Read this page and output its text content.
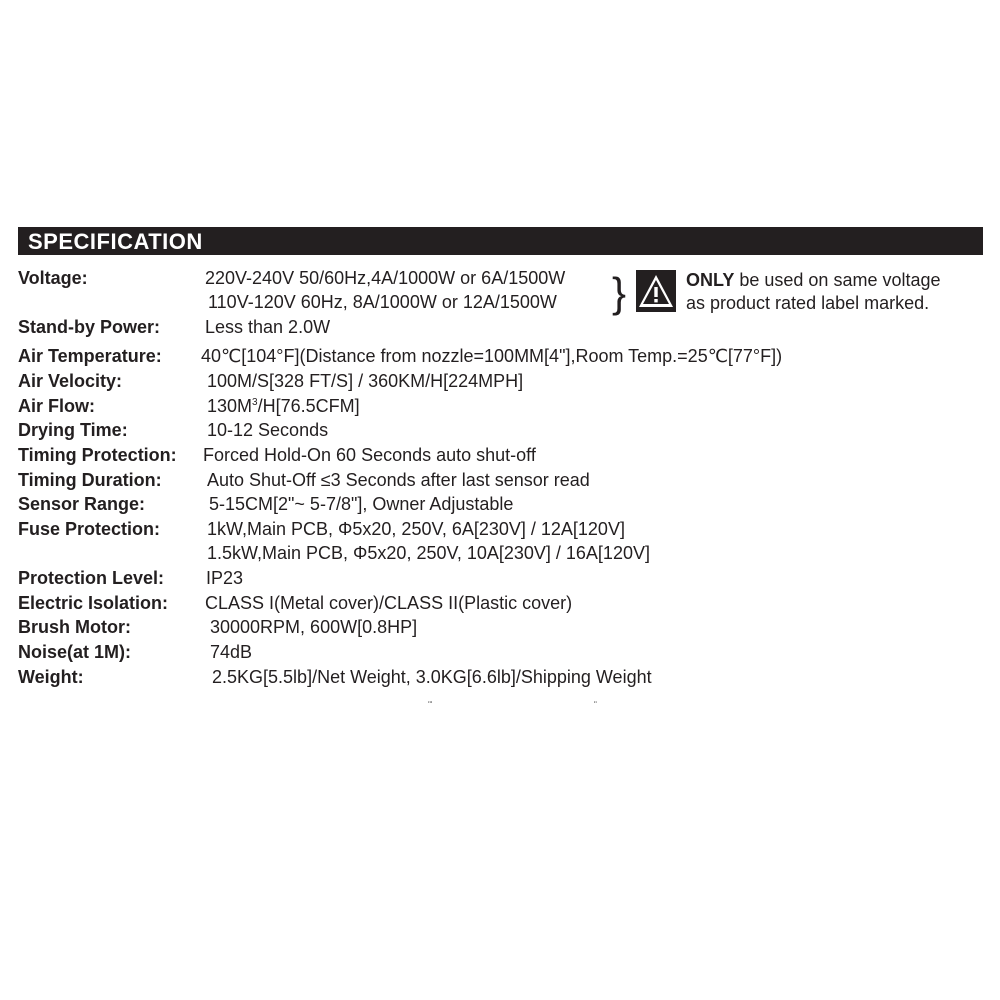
SPECIFICATION
Voltage:	220V-240V 50/60Hz,4A/1000W or 6A/1500W
110V-120V 60Hz, 8A/1000W or 12A/1500W }	ONLY be used on same voltage
as product rated label marked.
Stand-by Power: Less than 2.0W
Air Temperature: 40℃[104°F](Distance from nozzle=100MM[4"],Room Temp.=25℃[77°F])
Air Velocity:	100M/S[328 FT/S] / 360KM/H[224MPH]
Air Flow:	$130M^3/H[76.5CFM]$
Drying Time:	10-12 Seconds
Timing Protection: Forced Hold-On 60 Seconds auto shut-off
Timing Duration:	Auto Shut-Off ≤3 Seconds after last sensor read
Sensor Range:	5-15CM[2"~ 5-7/8"], Owner Adjustable
Fuse Protection:	1kW,Main PCB, Φ5x20, 250V, 6A[230V] / 12A[120V]
1.5kW,Main PCB, Φ5x20, 250V, 10A[230V] / 16A[120V]
Protection Level: IP23
Electric Isolation: CLASS I(Metal cover)/CLASS II(Plastic cover)
Brush Motor:	30000RPM, 600W[0.8HP]
Noise(at 1M):	74dB
Weight:	2.5KG[5.5lb]/Net Weight, 3.0KG[6.6lb]/Shipping Weight
ʹʺ	ʺ
